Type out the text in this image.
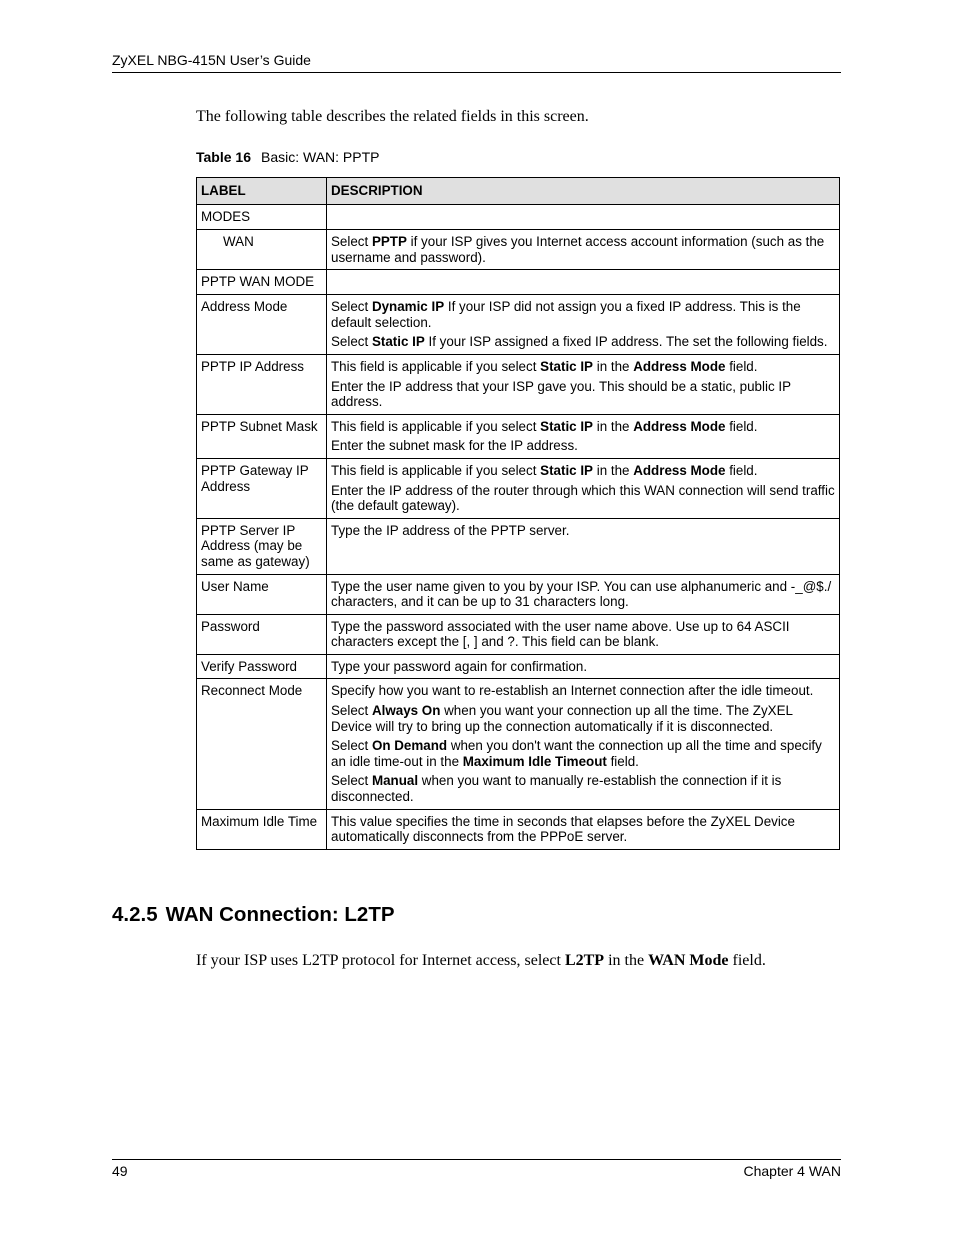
ZyXEL NBG-415N User’s Guide

The following table describes the related fields in this screen.

Table 16 Basic: WAN: PPTP
LABEL	DESCRIPTION
MODES	
WAN	Select PPTP if your ISP gives you Internet access account information (such as the username and password).

PPTP WAN MODE	
Address Mode	Select Dynamic IP If your ISP did not assign you a fixed IP address. This is the default selection.

Select Static IP If your ISP assigned a fixed IP address. The set the following fields.

PPTP IP Address	This field is applicable if you select Static IP in the Address Mode field.

Enter the IP address that your ISP gave you. This should be a static, public IP address.

PPTP Subnet Mask	This field is applicable if you select Static IP in the Address Mode field.

Enter the subnet mask for the IP address.

PPTP Gateway IP Address	This field is applicable if you select Static IP in the Address Mode field.

Enter the IP address of the router through which this WAN connection will send traffic (the default gateway).

PPTP Server IP Address (may be same as gateway)	Type the IP address of the PPTP server.

User Name	Type the user name given to you by your ISP. You can use alphanumeric and -_@$./ characters, and it can be up to 31 characters long.

Password	Type the password associated with the user name above. Use up to 64 ASCII characters except the [, ] and ?. This field can be blank.

Verify Password	Type your password again for confirmation.

Reconnect Mode	Specify how you want to re-establish an Internet connection after the idle timeout.

Select Always On when you want your connection up all the time. The ZyXEL Device will try to bring up the connection automatically if it is disconnected.

Select On Demand when you don't want the connection up all the time and specify an idle time-out in the Maximum Idle Timeout field.

Select Manual when you want to manually re-establish the connection if it is disconnected.

Maximum Idle Time	This value specifies the time in seconds that elapses before the ZyXEL Device automatically disconnects from the PPPoE server.

4.2.5 WAN Connection: L2TP

If your ISP uses L2TP protocol for Internet access, select L2TP in the WAN Mode field.

49	Chapter 4 WAN
